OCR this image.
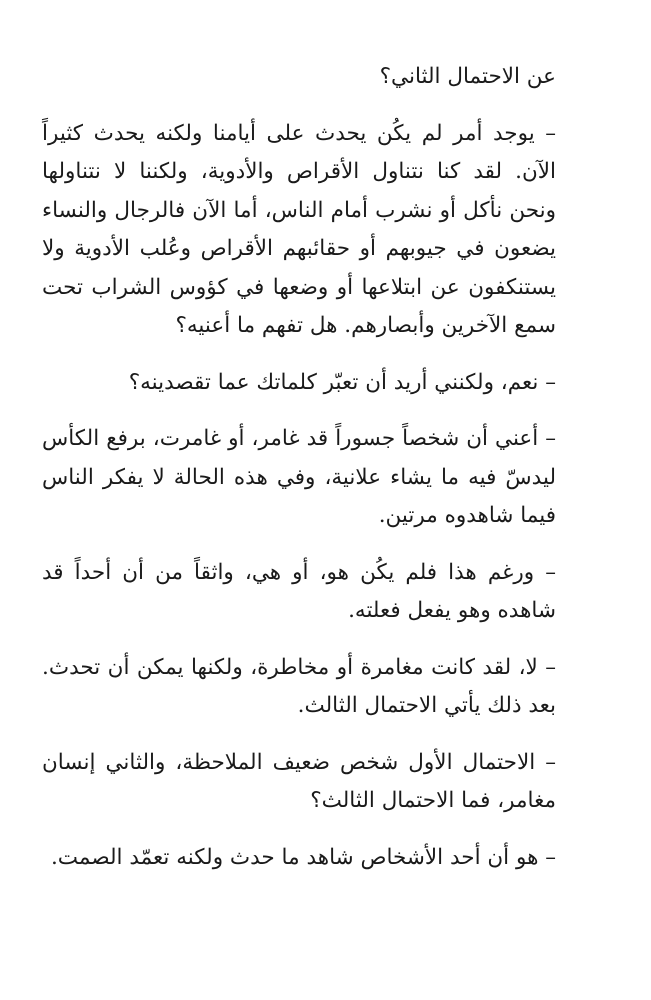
عن الاحتمال الثاني؟

– يوجد أمر لم يكُن يحدث على أيامنا ولكنه يحدث كثيراً الآن. لقد كنا نتناول الأقراص والأدوية، ولكننا لا نتناولها ونحن نأكل أو نشرب أمام الناس، أما الآن فالرجال والنساء يضعون في جيوبهم أو حقائبهم الأقراص وعُلب الأدوية ولا يستنكفون عن ابتلاعها أو وضعها في كؤوس الشراب تحت سمع الآخرين وأبصارهم. هل تفهم ما أعنيه؟

– نعم، ولكنني أريد أن تعبّر كلماتك عما تقصدينه؟

– أعني أن شخصاً جسوراً قد غامر، أو غامرت، برفع الكأس ليدسّ فيه ما يشاء علانية، وفي هذه الحالة لا يفكر الناس فيما شاهدوه مرتين.

– ورغم هذا فلم يكُن هو، أو هي، واثقاً من أن أحداً قد شاهده وهو يفعل فعلته.

– لا، لقد كانت مغامرة أو مخاطرة، ولكنها يمكن أن تحدث. بعد ذلك يأتي الاحتمال الثالث.

– الاحتمال الأول شخص ضعيف الملاحظة، والثاني إنسان مغامر، فما الاحتمال الثالث؟

– هو أن أحد الأشخاص شاهد ما حدث ولكنه تعمّد الصمت.
